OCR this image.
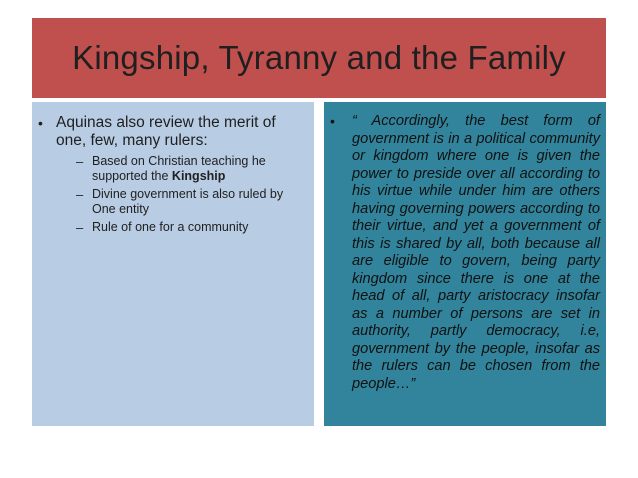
Kingship, Tyranny and the Family
• Aquinas also review the merit of one, few, many rulers:
– Based on Christian teaching he supported the Kingship
– Divine government is also ruled by One entity
– Rule of one for a community
•	“ Accordingly, the best form of government is in a political community or kingdom where one is given the power to preside over all according to his virtue while under him are others having governing powers according to their virtue, and yet a government of this is shared by all, both because all are eligible to govern, being party kingdom since there is one at the head of all, party aristocracy insofar as a number of persons are set in authority, partly democracy, i.e, government by the people, insofar as the rulers can be chosen from the people…”
